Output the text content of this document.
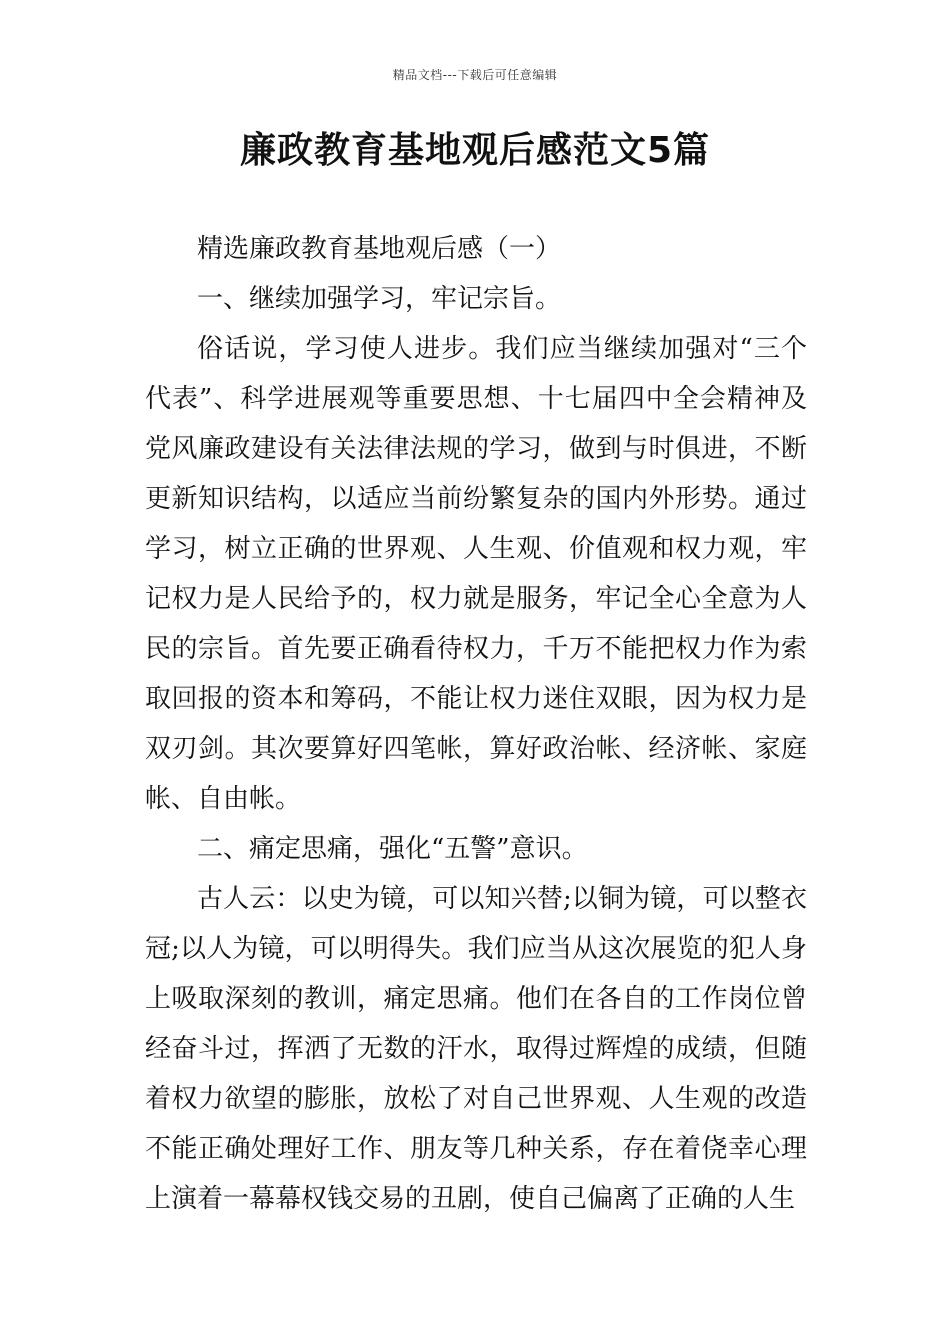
精品文档---下载后可任意编辑
廉政教育基地观后感范文5篇

精选廉政教育基地观后感（一）

一、继续加强学习，牢记宗旨。

俗话说，学习使人进步。我们应当继续加强对“三个代表”、科学进展观等重要思想、十七届四中全会精神及党风廉政建设有关法律法规的学习，做到与时俱进，不断更新知识结构，以适应当前纷繁复杂的国内外形势。通过学习，树立正确的世界观、人生观、价值观和权力观，牢记权力是人民给予的，权力就是服务，牢记全心全意为人民的宗旨。首先要正确看待权力，千万不能把权力作为索取回报的资本和筹码，不能让权力迷住双眼，因为权力是双刃剑。其次要算好四笔帐，算好政治帐、经济帐、家庭帐、自由帐。

二、痛定思痛，强化“五警”意识。

古人云：以史为镜，可以知兴替;以铜为镜，可以整衣冠;以人为镜，可以明得失。我们应当从这次展览的犯人身上吸取深刻的教训，痛定思痛。他们在各自的工作岗位曾经奋斗过，挥洒了无数的汗水，取得过辉煌的成绩，但随着权力欲望的膨胀，放松了对自己世界观、人生观的改造不能正确处理好工作、朋友等几种关系，存在着侥幸心理上演着一幕幕权钱交易的丑剧，使自己偏离了正确的人生
